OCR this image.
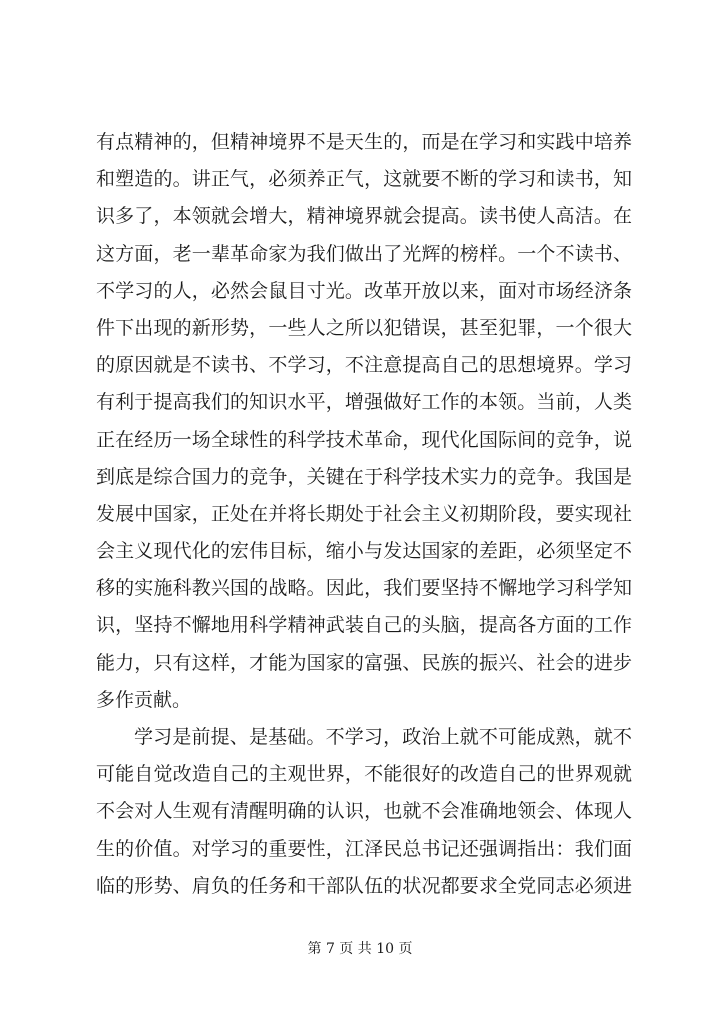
有点精神的，但精神境界不是天生的，而是在学习和实践中培养
和塑造的。讲正气，必须养正气，这就要不断的学习和读书，知
识多了，本领就会增大，精神境界就会提高。读书使人高洁。在
这方面，老一辈革命家为我们做出了光辉的榜样。一个不读书、
不学习的人，必然会鼠目寸光。改革开放以来，面对市场经济条
件下出现的新形势，一些人之所以犯错误，甚至犯罪，一个很大
的原因就是不读书、不学习，不注意提高自己的思想境界。学习
有利于提高我们的知识水平，增强做好工作的本领。当前，人类
正在经历一场全球性的科学技术革命，现代化国际间的竞争，说
到底是综合国力的竞争，关键在于科学技术实力的竞争。我国是
发展中国家，正处在并将长期处于社会主义初期阶段，要实现社
会主义现代化的宏伟目标，缩小与发达国家的差距，必须坚定不
移的实施科教兴国的战略。因此，我们要坚持不懈地学习科学知
识，坚持不懈地用科学精神武装自己的头脑，提高各方面的工作
能力，只有这样，才能为国家的富强、民族的振兴、社会的进步
多作贡献。
学习是前提、是基础。不学习，政治上就不可能成熟，就不
可能自觉改造自己的主观世界，不能很好的改造自己的世界观就
不会对人生观有清醒明确的认识，也就不会准确地领会、体现人
生的价值。对学习的重要性，江泽民总书记还强调指出：我们面
临的形势、肩负的任务和干部队伍的状况都要求全党同志必须进
第 7 页 共 10 页
